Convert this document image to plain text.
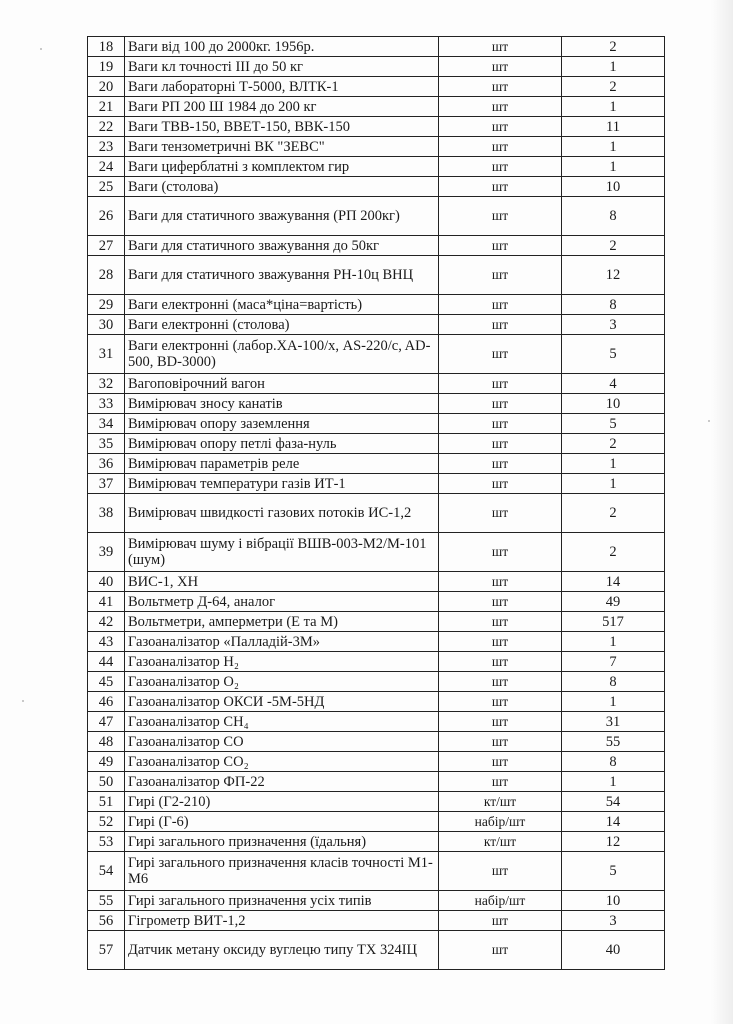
18	Ваги від 100 до 2000кг. 1956р.	шт	2
19	Ваги кл точності ІІІ до 50 кг	шт	1
20	Ваги лабораторні Т-5000, ВЛТК-1	шт	2
21	Ваги РП 200 Ш 1984 до 200 кг	шт	1
22	Ваги ТВВ-150, ВВЕТ-150, ВВК-150	шт	11
23	Ваги тензометричні ВК "ЗЕВС"	шт	1
24	Ваги циферблатні з комплектом гир	шт	1
25	Ваги (столова)	шт	10
26	Ваги для статичного зважування (РП 200кг)	шт	8
27	Ваги для статичного зважування до 50кг	шт	2
28	Ваги для статичного зважування РН-10ц ВНЦ	шт	12
29	Ваги електронні (маса*ціна=вартість)	шт	8
30	Ваги електронні (столова)	шт	3
31	Ваги електронні (лабор.ХА-100/х, AS-220/c, AD-500, BD-3000)	шт	5
32	Вагоповірочний вагон	шт	4
33	Вимірювач зносу канатів	шт	10
34	Вимірювач опору заземлення	шт	5
35	Вимірювач опору петлі фаза-нуль	шт	2
36	Вимірювач параметрів реле	шт	1
37	Вимірювач температури газів ИТ-1	шт	1
38	Вимірювач швидкості газових потоків ИС-1,2	шт	2
39	Вимірювач шуму і вібрації ВШВ-003-М2/М-101 (шум)	шт	2
40	ВИС-1, ХН	шт	14
41	Вольтметр Д-64, аналог	шт	49
42	Вольтметри, амперметри (Е та М)	шт	517
43	Газоаналізатор «Палладій-3М»	шт	1
44	Газоаналізатор H₂	шт	7
45	Газоаналізатор O₂	шт	8
46	Газоаналізатор ОКСИ -5М-5НД	шт	1
47	Газоаналізатор CH₄	шт	31
48	Газоаналізатор CO	шт	55
49	Газоаналізатор CO₂	шт	8
50	Газоаналізатор ФП-22	шт	1
51	Гирі (Г2-210)	кт/шт	54
52	Гирі (Г-6)	набір/шт	14
53	Гирі загального призначення (їдальня)	кт/шт	12
54	Гирі загального призначення класів точності М1-М6	шт	5
55	Гирі загального призначення усіх типів	набір/шт	10
56	Гігрометр ВИТ-1,2	шт	3
57	Датчик метану оксиду вуглецю типу ТХ 324ІЦ	шт	40
